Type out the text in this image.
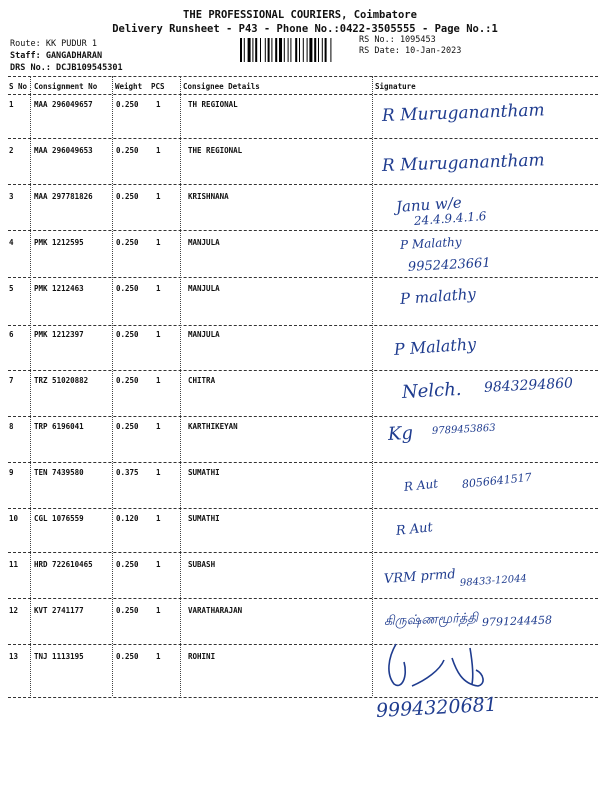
THE PROFESSIONAL COURIERS, Coimbatore
Delivery Runsheet - P43 - Phone No.:0422-3505555 - Page No.:1
Route: KK PUDUR 1
Staff: GANGADHARAN
DRS No.: DCJB109545301
RS No.: 1095453
RS Date: 10-Jan-2023
S No Consignment No Weight PCS Consignee Details	Signature
1	MAA 296049657	0.250 1	TH REGIONAL	R Muruganantham
2	MAA 296049653	0.250 1	THE REGIONAL	R Muruganantham
3	MAA 297781826	0.250 1	KRISHNANA	Janu w/e
24.4.9.4.1.6
4	PMK 1212595	0.250 1	MANJULA	P Malathy
9952423661
5	PMK 1212463	0.250 1	MANJULA	P malathy
6	PMK 1212397	0.250 1	MANJULA	P Malathy
7	TRZ 51020882	0.250 1	CHITRA	Nelch. 9843294860
8	TRP 6196041	0.250 1	KARTHIKEYAN	Kg 9789453863
9	TEN 7439580	0.375 1	SUMATHI
R Aut 8056641517
10 CGL 1076559	0.120 1	SUMATHI
R Aut
11 HRD 722610465	0.250 1	SUBASH
VRM prmd 98433-12044
12 KVT 2741177	0.250 1	VARATHARAJAN
கிருஷ்ணமூர்த்தி 9791244458
13 TNJ 1113195	0.250 1	ROHINI
9994320681
